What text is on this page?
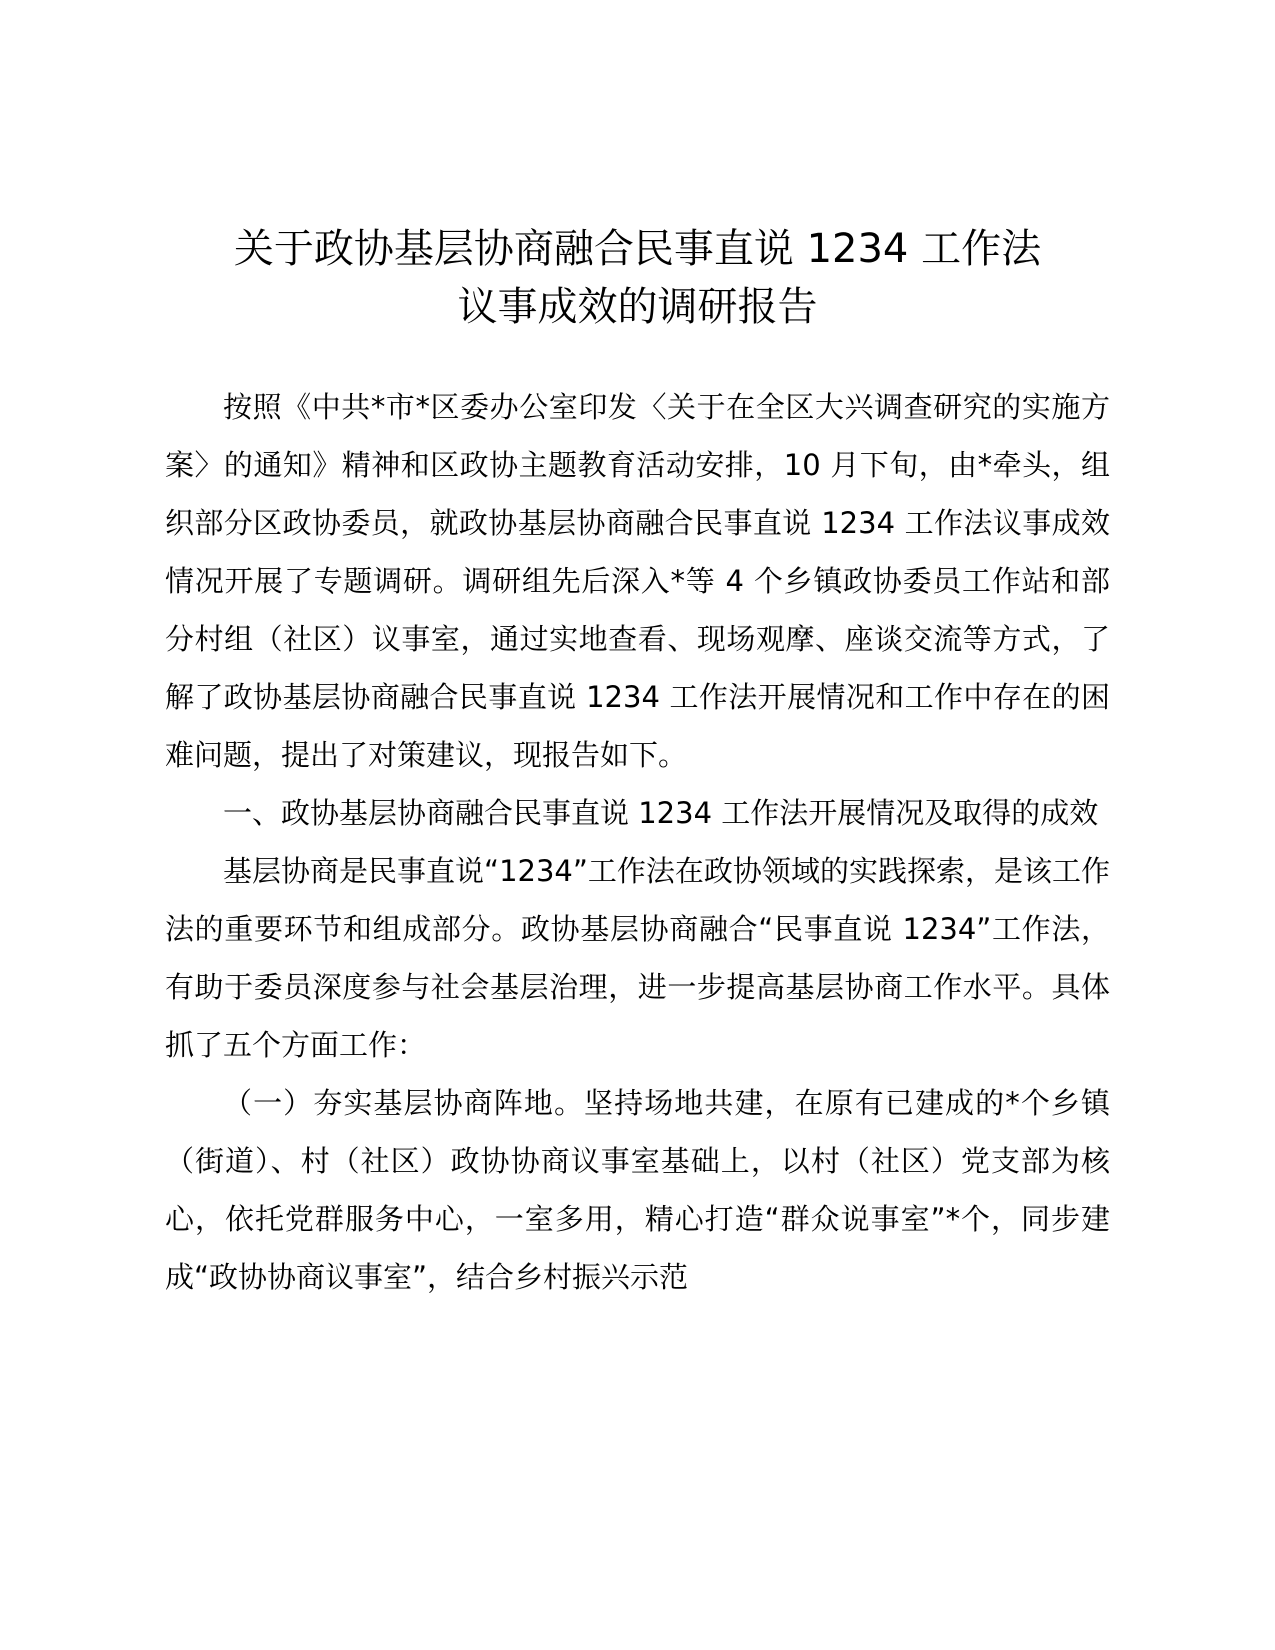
关于政协基层协商融合民事直说 1234 工作法
议事成效的调研报告

按照《中共*市*区委办公室印发〈关于在全区大兴调查研究的实施方案〉的通知》精神和区政协主题教育活动安排，10 月下旬，由*牵头，组织部分区政协委员，就政协基层协商融合民事直说 1234 工作法议事成效情况开展了专题调研。调研组先后深入*等 4 个乡镇政协委员工作站和部分村组（社区）议事室，通过实地查看、现场观摩、座谈交流等方式，了解了政协基层协商融合民事直说 1234 工作法开展情况和工作中存在的困难问题，提出了对策建议，现报告如下。

一、政协基层协商融合民事直说 1234 工作法开展情况及取得的成效

基层协商是民事直说“1234”工作法在政协领域的实践探索，是该工作法的重要环节和组成部分。政协基层协商融合“民事直说 1234”工作法，有助于委员深度参与社会基层治理，进一步提高基层协商工作水平。具体抓了五个方面工作：

（一）夯实基层协商阵地。坚持场地共建，在原有已建成的*个乡镇（街道）、村（社区）政协协商议事室基础上，以村（社区）党支部为核心，依托党群服务中心，一室多用，精心打造“群众说事室”*个，同步建成“政协协商议事室”，结合乡村振兴示范
